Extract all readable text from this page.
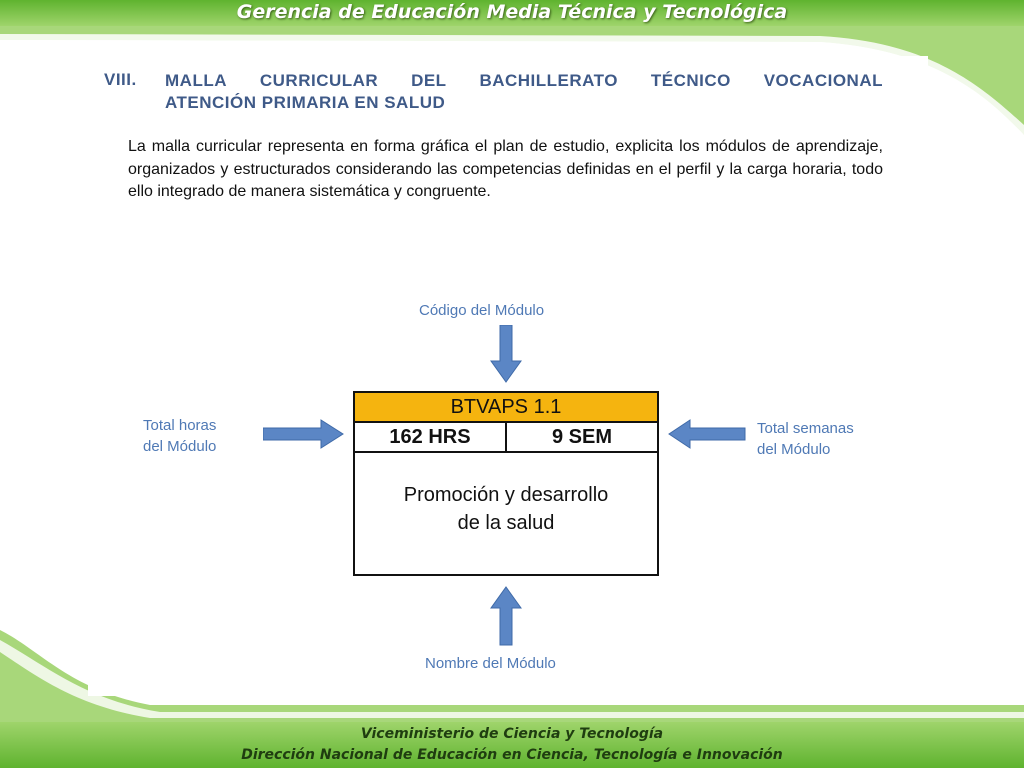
Gerencia de Educación Media Técnica y Tecnológica
VIII. MALLA CURRICULAR DEL BACHILLERATO TÉCNICO VOCACIONAL
ATENCIÓN PRIMARIA EN SALUD
La malla curricular representa en forma gráfica el plan de estudio, explicita los módulos de aprendizaje, organizados y estructurados considerando las competencias definidas en el perfil y la carga horaria, todo ello integrado de manera sistemática y congruente.
Código del Módulo
Total horas
del Módulo
Total semanas
del Módulo
Nombre del Módulo
BTVAPS 1.1
162 HRS	9 SEM
Promoción y desarrollo
de la salud
Viceministerio de Ciencia y Tecnología
Dirección Nacional de Educación en Ciencia, Tecnología e Innovación
